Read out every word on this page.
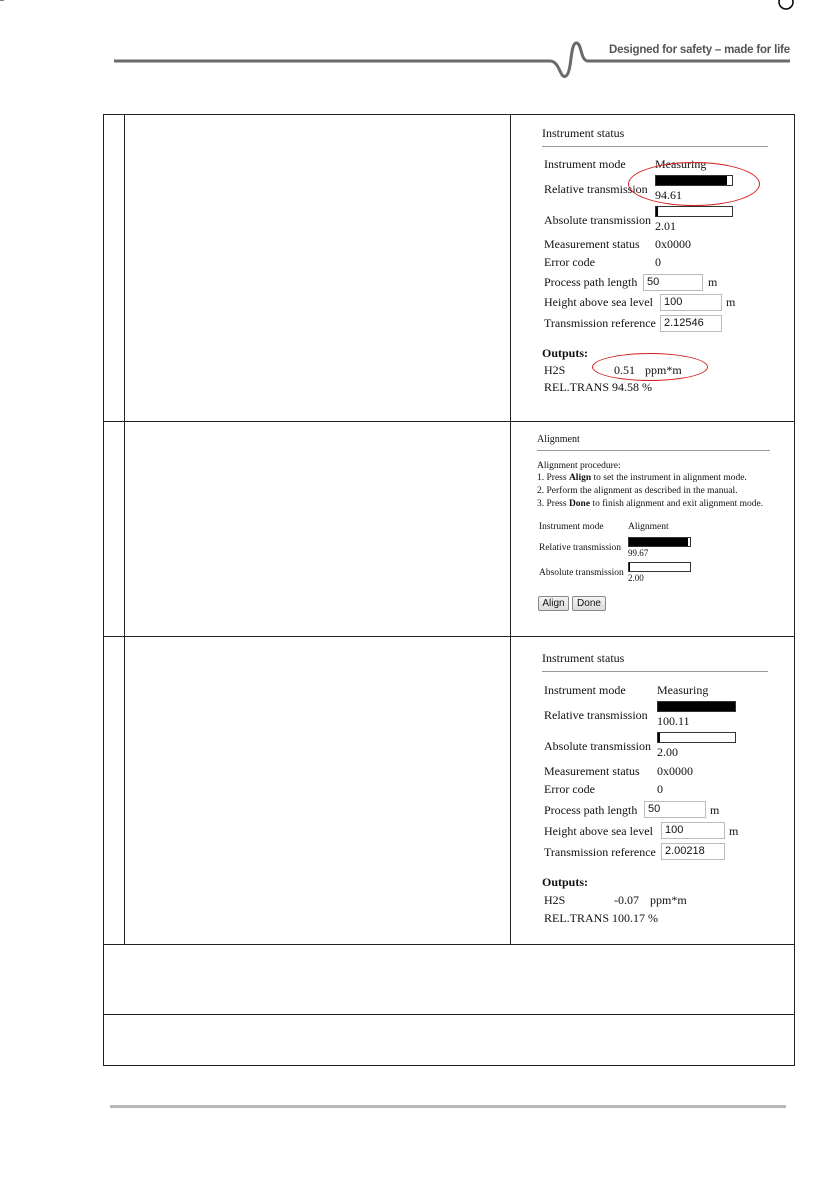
Designed for safety – made for life
Instrument status
Instrument mode Measuring
Relative transmission 94.61
Absolute transmission 2.01
Measurement status 0x0000
Error code	0
Process path length 50	m
Height above sea level	100	m
Transmission reference 2.12546
Outputs:
H2S	0.51 ppm*m
REL.TRANS 94.58 %
Alignment
Alignment procedure:
1. Press Align to set the instrument in alignment mode.
2. Perform the alignment as described in the manual.
3. Press Done to finish alignment and exit alignment mode.
Instrument mode	Alignment
Relative transmission 99.67
Absolute transmission 2.00
Align	Done
Instrument status
Instrument mode	Measuring
Relative transmission 100.11
Absolute transmission 2.00
Measurement status 0x0000
Error code	0
Process path length 50	m
Height above sea level	100	m
Transmission reference 2.00218
Outputs:
H2S	-0.07 ppm*m
REL.TRANS 100.17 %
